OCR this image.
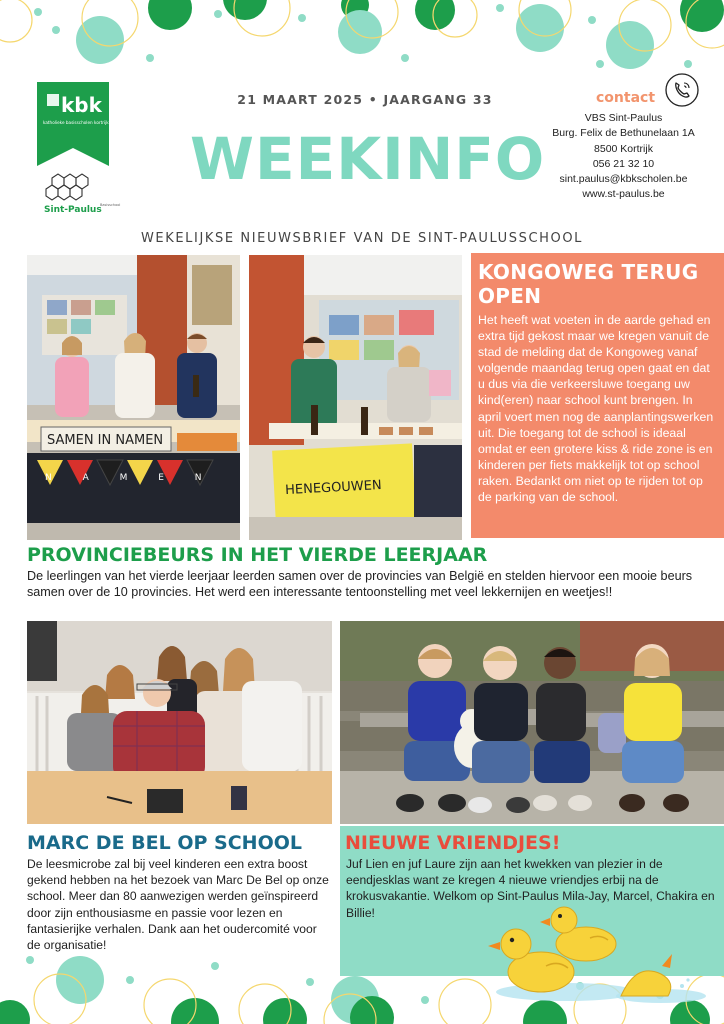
kbk
katholieke basisscholen kortrijk vzw
Sint-Paulus
Basisschool
21 MAART 2025 • JAARGANG 33
WEEKINFO
contact
VBS Sint-Paulus
Burg. Felix de Bethunelaan 1A
8500 Kortrijk
056 21 32 10
sint.paulus@kbkscholen.be
www.st-paulus.be
WEKELIJKSE NIEUWSBRIEF VAN DE SINT-PAULUSSCHOOL
SAMEN IN NAMEN
N A M E N
HENEGOUWEN
KONGOWEG TERUG OPEN
Het heeft wat voeten in de aarde gehad en extra tijd gekost maar we kregen vanuit de stad de melding dat de Kongoweg vanaf volgende maandag terug open gaat en dat u dus via die verkeersluwe toegang uw kind(eren) naar school kunt brengen. In april voert men nog de aanplantingswerken uit. Die toegang tot de school is ideaal omdat er een grotere kiss & ride zone is en kinderen per fiets makkelijk tot op school raken. Bedankt om niet op te rijden tot op de parking van de school.
PROVINCIEBEURS IN HET VIERDE LEERJAAR
De leerlingen van het vierde leerjaar leerden samen over de provincies van België en stelden hiervoor een mooie beurs samen over de 10 provincies. Het werd een interessante tentoonstelling met veel lekkernijen en weetjes!!
MARC DE BEL OP SCHOOL
De leesmicrobe zal bij veel kinderen een extra boost gekend hebben na het bezoek van Marc De Bel op onze school. Meer dan 80 aanwezigen werden geïnspireerd door zijn enthousiasme en passie voor lezen en fantasierijke verhalen. Dank aan het oudercomité voor de organisatie!
NIEUWE VRIENDJES!
Juf Lien en juf Laure zijn aan het kwekken van plezier in de eendjesklas want ze kregen 4 nieuwe vriendjes erbij na de krokusvakantie. Welkom op Sint-Paulus Mila-Jay, Marcel, Chakira en Billie!
